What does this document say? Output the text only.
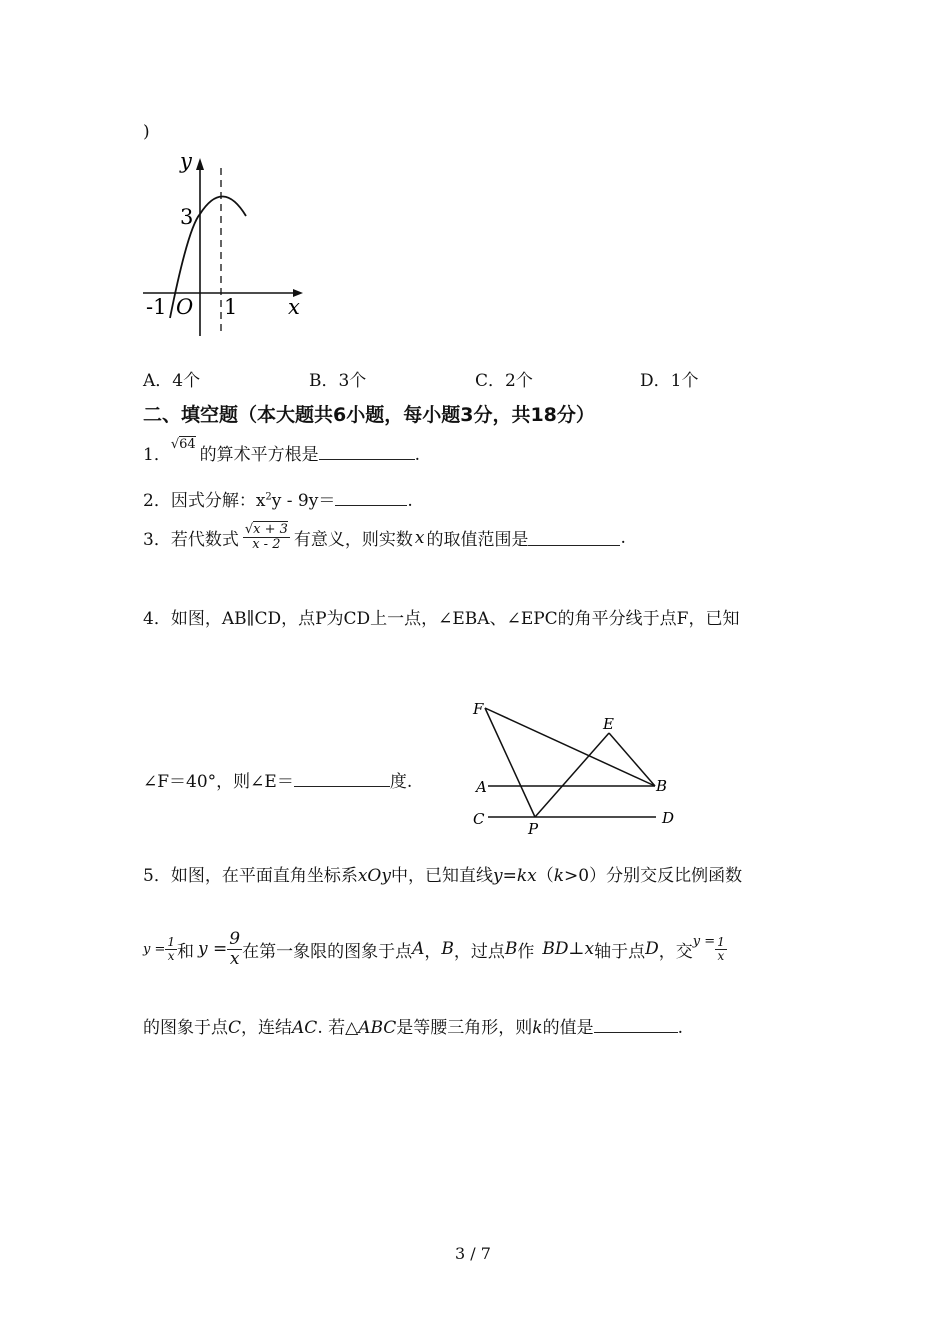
)
y
x
3
-1 O 1
A．4个	B．3个	C．2个	D．1个
二、填空题（本大题共6小题，每小题3分，共18分）
1．√64的算术平方根是	.
2．因式分解：$x^2y - 9y=$	.
3．若代数式 $\frac{√x + 3}{x - 2}$ 有意义，则实数 x 的取值范围是	.
4．如图，AB∥CD，点P为CD上一点，∠EBA、∠EPC的角平分线于点F，已知
∠F＝40°，则∠E＝	度.
F
E
A	B
C
P
D
5．如图，在平面直角坐标系xOy中，已知直线y=kx（k>0）分别交反比例函数
$y = \frac{1}{x}$ 和 $y = \frac{9}{x}$ 在第一象限的图象于点 A ， B ，过点 B 作 BD ⊥ x 轴于点 D ，交
$y = \frac{1}{x}$
的图象于点C，连结AC. 若△ABC是等腰三角形，则k的值是	.
3 / 7
